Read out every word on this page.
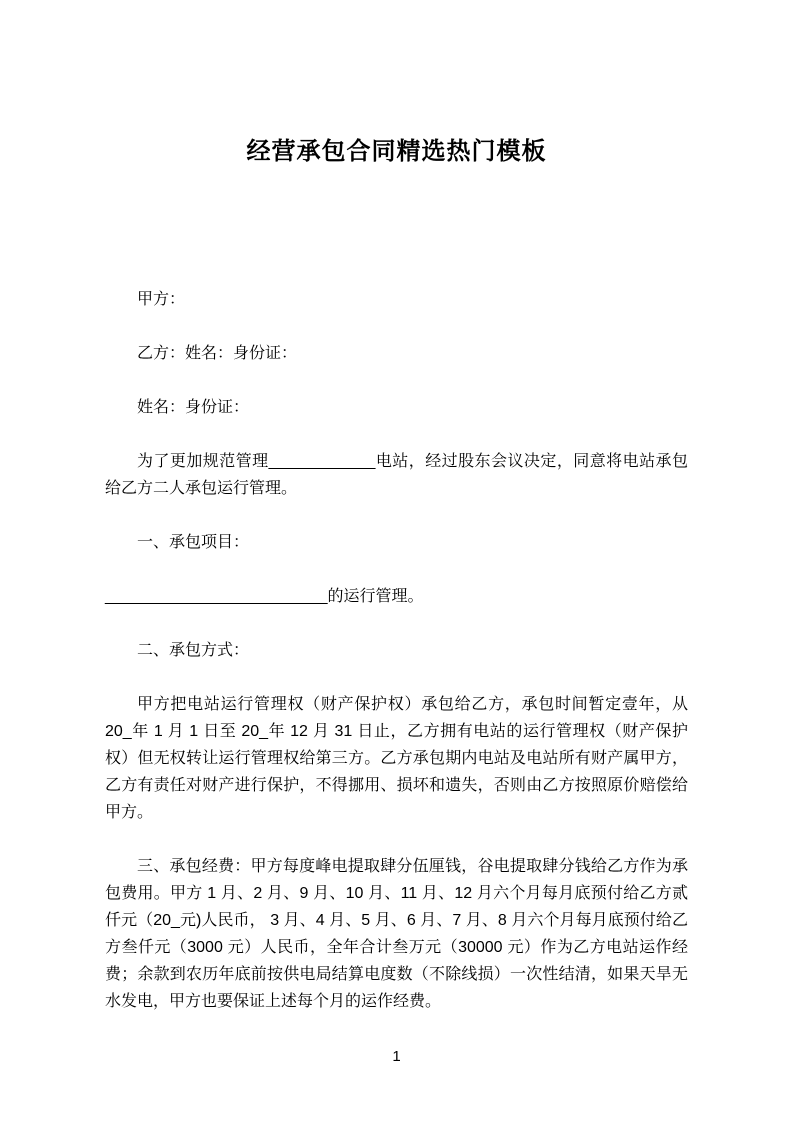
经营承包合同精选热门模板

甲方：

乙方：姓名：身份证：

姓名：身份证：

为了更加规范管理____________电站，经过股东会议决定，同意将电站承包给乙方二人承包运行管理。

一、承包项目：

_________________________的运行管理。

二、承包方式：

甲方把电站运行管理权（财产保护权）承包给乙方，承包时间暂定壹年，从 20_年 1 月 1 日至 20_年 12 月 31 日止，乙方拥有电站的运行管理权（财产保护权）但无权转让运行管理权给第三方。乙方承包期内电站及电站所有财产属甲方，乙方有责任对财产进行保护，不得挪用、损坏和遗失，否则由乙方按照原价赔偿给甲方。

三、承包经费：甲方每度峰电提取肆分伍厘钱，谷电提取肆分钱给乙方作为承包费用。甲方 1 月、2 月、9 月、10 月、11 月、12 月六个月每月底预付给乙方贰仟元（20_元)人民币， 3 月、4 月、5 月、6 月、7 月、8 月六个月每月底预付给乙方叁仟元（3000 元）人民币，全年合计叁万元（30000 元）作为乙方电站运作经费；余款到农历年底前按供电局结算电度数（不除线损）一次性结清，如果天旱无水发电，甲方也要保证上述每个月的运作经费。

1
